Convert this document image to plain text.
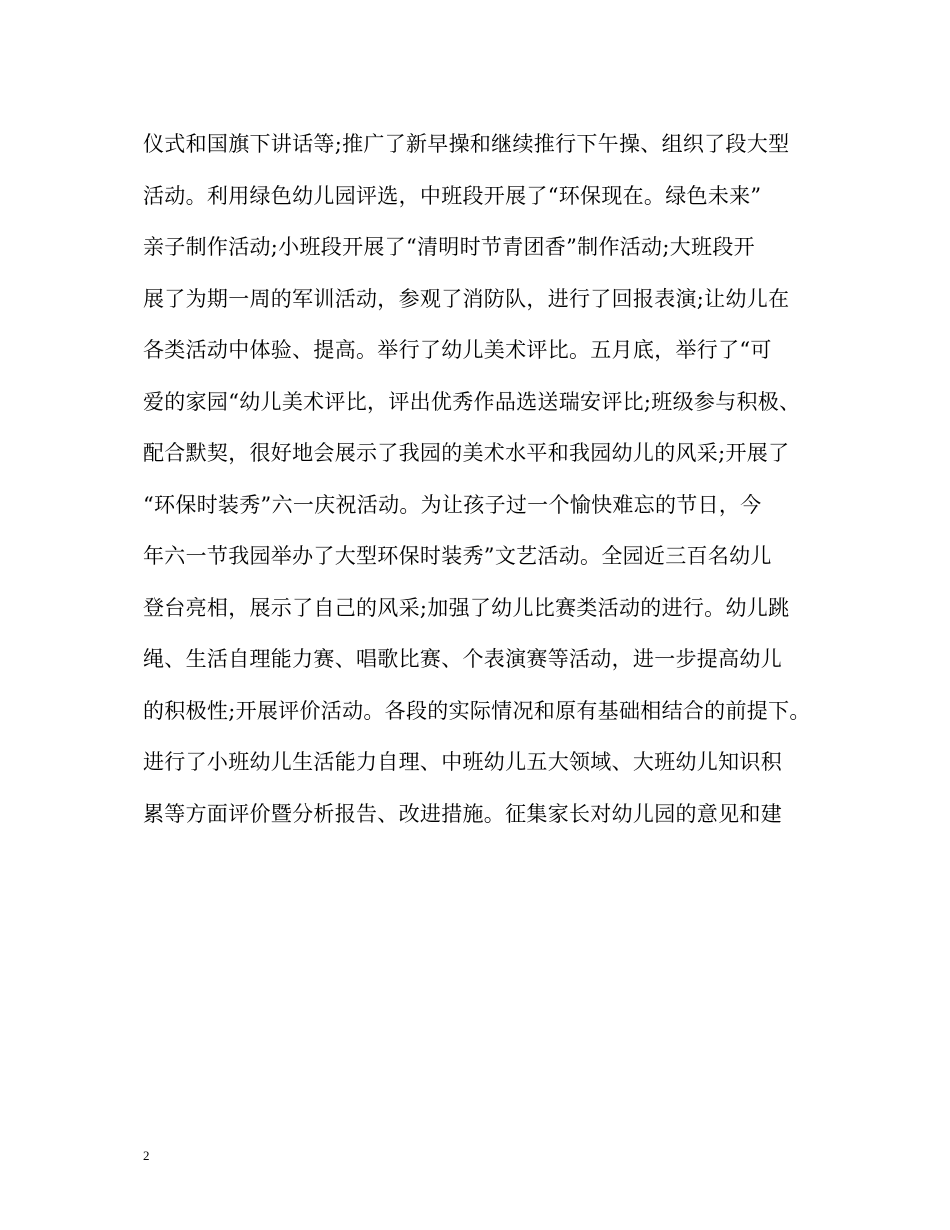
仪式和国旗下讲话等;推广了新早操和继续推行下午操、组织了段大型
活动。利用绿色幼儿园评选，中班段开展了“环保现在。绿色未来”
亲子制作活动;小班段开展了“清明时节青团香”制作活动;大班段开
展了为期一周的军训活动，参观了消防队，进行了回报表演;让幼儿在
各类活动中体验、提高。举行了幼儿美术评比。五月底，举行了“可
爱的家园“幼儿美术评比，评出优秀作品选送瑞安评比;班级参与积极、
配合默契，很好地会展示了我园的美术水平和我园幼儿的风采;开展了
“环保时装秀”六一庆祝活动。为让孩子过一个愉快难忘的节日，今
年六一节我园举办了大型环保时装秀”文艺活动。全园近三百名幼儿
登台亮相，展示了自己的风采;加强了幼儿比赛类活动的进行。幼儿跳
绳、生活自理能力赛、唱歌比赛、个表演赛等活动，进一步提高幼儿
的积极性;开展评价活动。各段的实际情况和原有基础相结合的前提下。
进行了小班幼儿生活能力自理、中班幼儿五大领域、大班幼儿知识积
累等方面评价暨分析报告、改进措施。征集家长对幼儿园的意见和建
2
